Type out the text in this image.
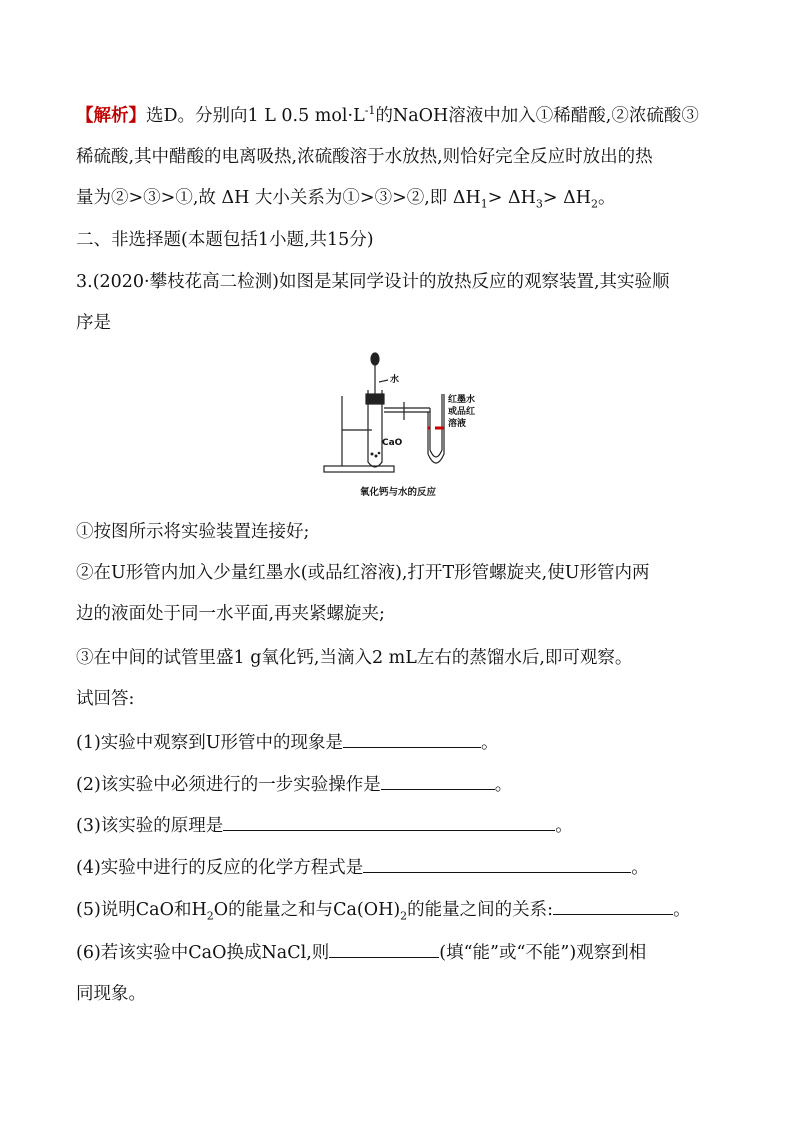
【解析】选D。分别向1 L 0.5 $mol\cdot L^{-1}$的NaOH溶液中加入①稀醋酸,②浓硫酸③
稀硫酸,其中醋酸的电离吸热,浓硫酸溶于水放热,则恰好完全反应时放出的热
量为②>③>①,故 ΔH 大小关系为①>③>②,即 $\Delta H_1> \Delta H_3> \Delta H_2$。
二、非选择题(本题包括1小题,共15分)
3.(2020·攀枝花高二检测)如图是某同学设计的放热反应的观察装置,其实验顺
序是
水
CaO
红墨水
或品红
溶液
氧化钙与水的反应
①按图所示将实验装置连接好;
②在U形管内加入少量红墨水(或品红溶液),打开T形管螺旋夹,使U形管内两
边的液面处于同一水平面,再夹紧螺旋夹;
③在中间的试管里盛1 g氧化钙,当滴入2 mL左右的蒸馏水后,即可观察。
试回答:
(1)实验中观察到U形管中的现象是	。
(2)该实验中必须进行的一步实验操作是	。
(3)该实验的原理是	。
(4)实验中进行的反应的化学方程式是	。
(5)说明CaO和$H_2O$的能量之和与$Ca(OH)_2$的能量之间的关系:	。
(6)若该实验中CaO换成NaCl,则	(填“能”或“不能”)观察到相
同现象。
